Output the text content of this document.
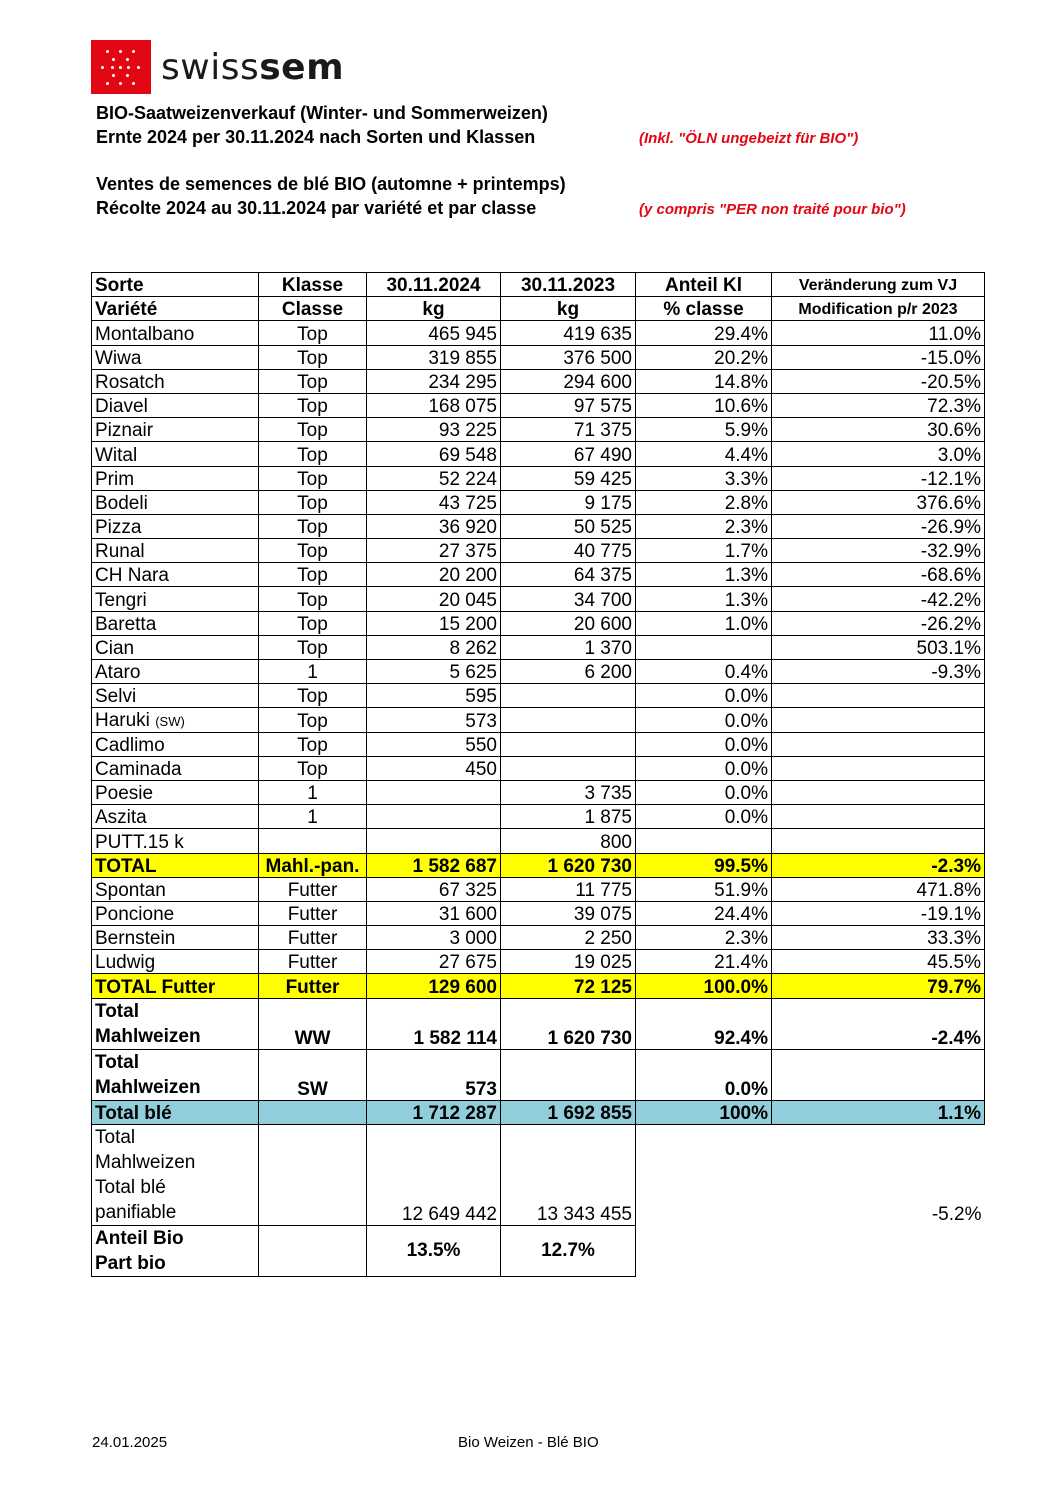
swisssem
BIO-Saatweizenverkauf (Winter- und Sommerweizen)
Ernte 2024 per 30.11.2024 nach Sorten und Klassen	(Inkl. "ÖLN ungebeizt für BIO")
Ventes de semences de blé BIO (automne + printemps)
Récolte 2024 au 30.11.2024 par variété et par classe	(y compris "PER non traité pour bio")
Sorte	Klasse	30.11.2024	30.11.2023	Anteil Kl	Veränderung zum VJ
Variété	Classe	kg	kg	% classe	Modification p/r 2023
Montalbano	Top	465 945	419 635	29.4%	11.0%
Wiwa	Top	319 855	376 500	20.2%	-15.0%
Rosatch	Top	234 295	294 600	14.8%	-20.5%
Diavel	Top	168 075	97 575	10.6%	72.3%
Piznair	Top	93 225	71 375	5.9%	30.6%
Wital	Top	69 548	67 490	4.4%	3.0%
Prim	Top	52 224	59 425	3.3%	-12.1%
Bodeli	Top	43 725	9 175	2.8%	376.6%
Pizza	Top	36 920	50 525	2.3%	-26.9%
Runal	Top	27 375	40 775	1.7%	-32.9%
CH Nara	Top	20 200	64 375	1.3%	-68.6%
Tengri	Top	20 045	34 700	1.3%	-42.2%
Baretta	Top	15 200	20 600	1.0%	-26.2%
Cian	Top	8 262	1 370		503.1%
Ataro	1	5 625	6 200	0.4%	-9.3%
Selvi	Top	595		0.0%	
Haruki (SW)	Top	573		0.0%	
Cadlimo	Top	550		0.0%	
Caminada	Top	450		0.0%	
Poesie	1		3 735	0.0%	
Aszita	1		1 875	0.0%	
PUTT.15 k			800		
TOTAL	Mahl.-pan.	1 582 687	1 620 730	99.5%	-2.3%
Spontan	Futter	67 325	11 775	51.9%	471.8%
Poncione	Futter	31 600	39 075	24.4%	-19.1%
Bernstein	Futter	3 000	2 250	2.3%	33.3%
Ludwig	Futter	27 675	19 025	21.4%	45.5%
TOTAL Futter	Futter	129 600	72 125	100.0%	79.7%

Total
Mahlweizen	WW	1 582 114	1 620 730	92.4%	-2.4%

Total
Mahlweizen	SW	573		0.0%	
Total blé		1 712 287	1 692 855	100%	1.1%

Total
Mahlweizen
Total blé
panifiable		12 649 442	13 343 455		-5.2%

Anteil Bio
Part bio		13.5%	12.7%		
24.01.2025	Bio Weizen - Blé BIO
